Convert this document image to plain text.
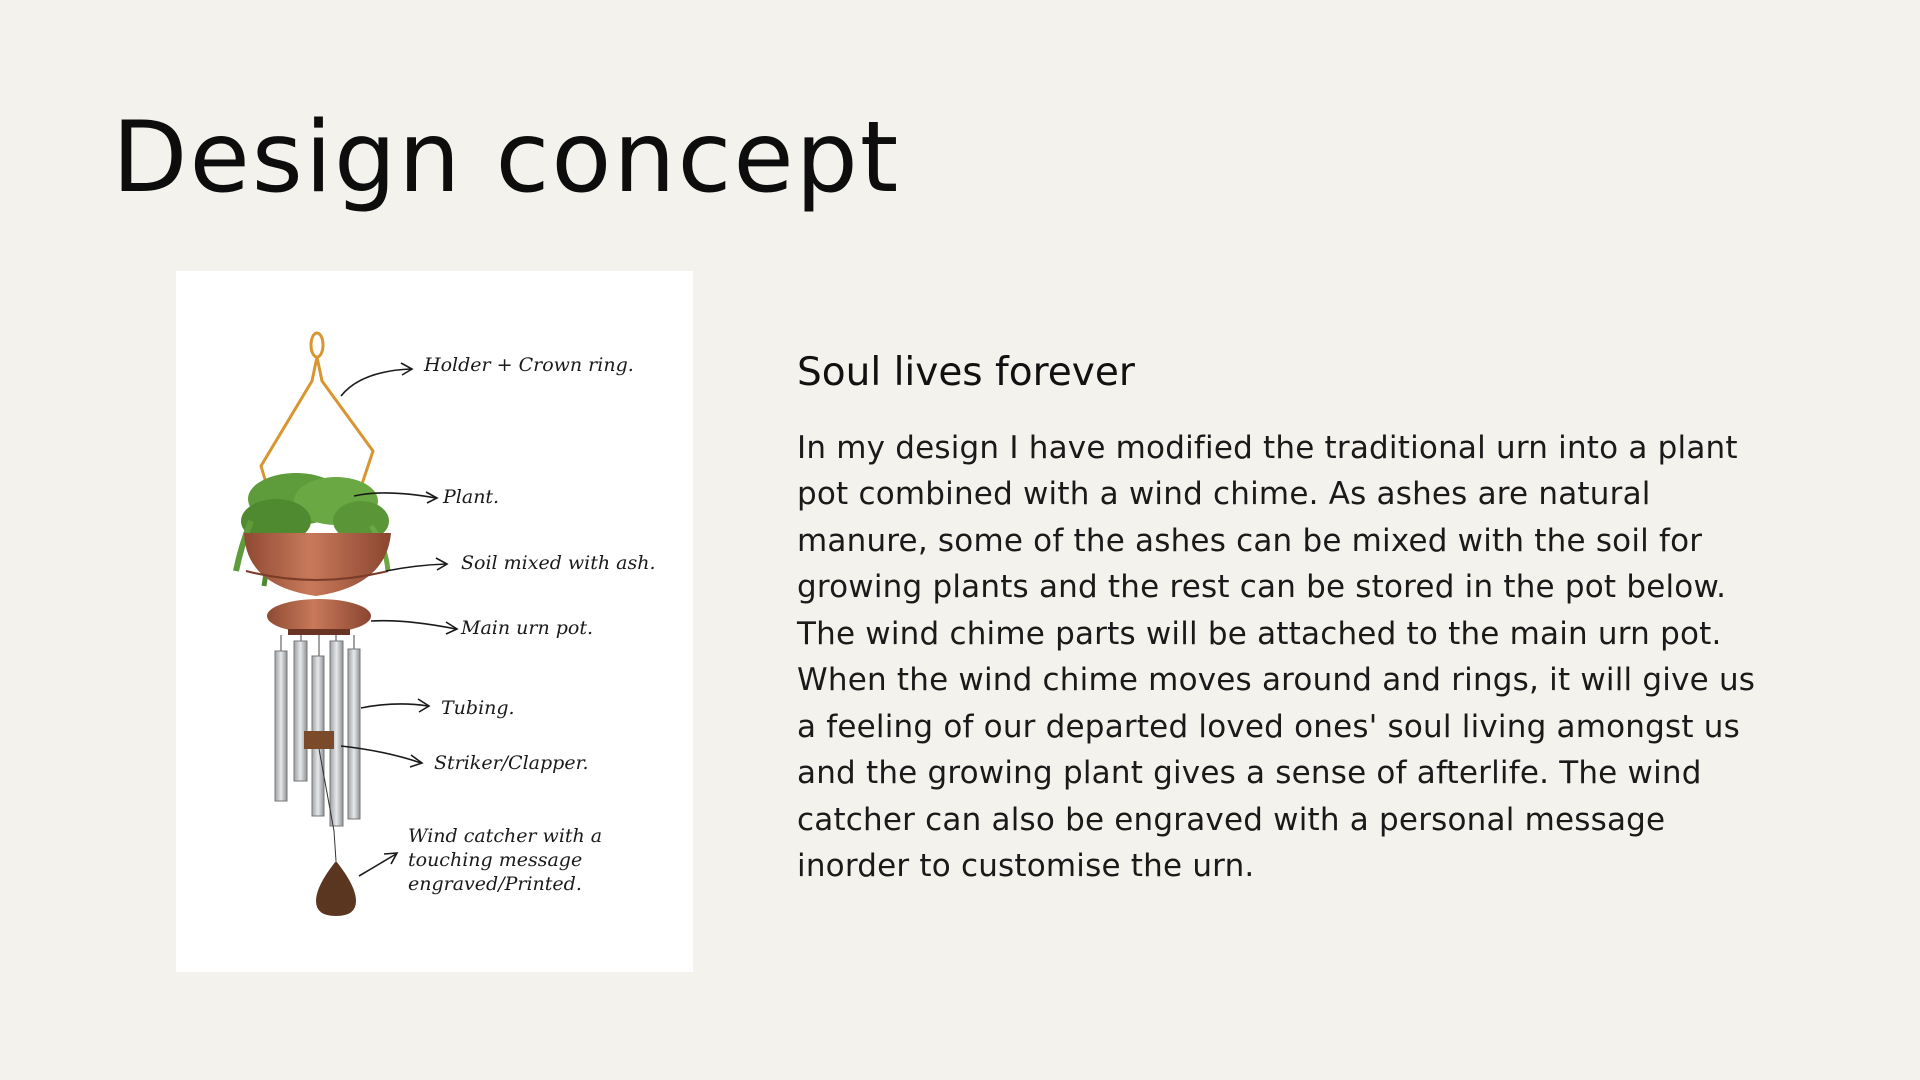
Design concept
Holder + Crown ring.
Plant.
Soil mixed with ash.
Main urn pot.
Tubing.
Striker/Clapper.
Wind catcher with a
touching message
engraved/Printed.
Soul lives forever

In my design I have modified the traditional urn into a plant pot combined with a wind chime. As ashes are natural manure, some of the ashes can be mixed with the soil for growing plants and the rest can be stored in the pot below. The wind chime parts will be attached to the main urn pot. When the wind chime moves around and rings, it will give us a feeling of our departed loved ones' soul living amongst us and the growing plant gives a sense of afterlife. The wind catcher can also be engraved with a personal message inorder to customise the urn.
